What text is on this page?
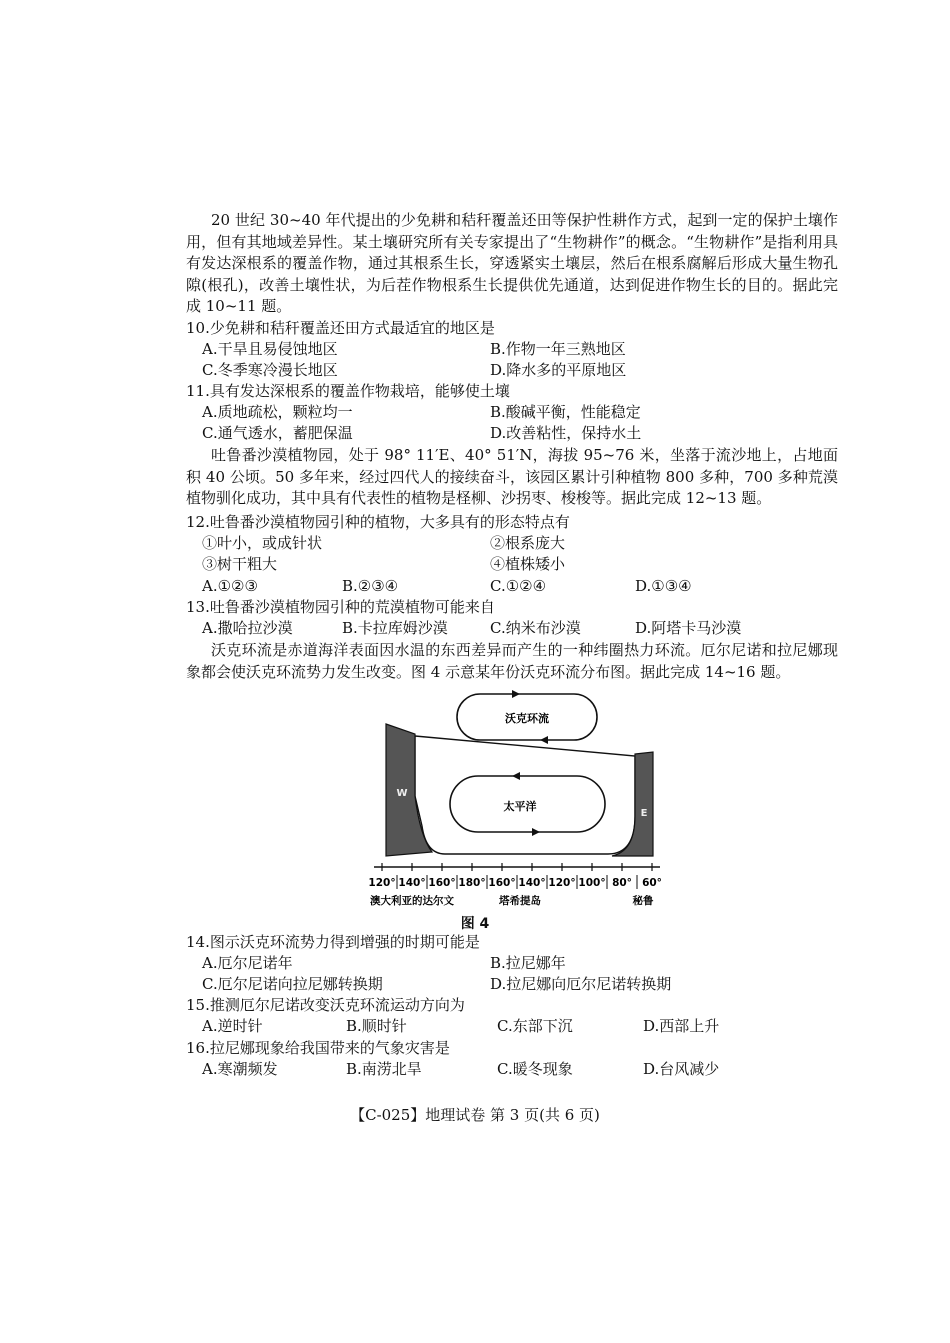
20 世纪 30~40 年代提出的少免耕和秸秆覆盖还田等保护性耕作方式，起到一定的保护土壤作用，但有其地域差异性。某土壤研究所有关专家提出了“生物耕作”的概念。“生物耕作”是指利用具有发达深根系的覆盖作物，通过其根系生长，穿透紧实土壤层，然后在根系腐解后形成大量生物孔隙(根孔)，改善土壤性状，为后茬作物根系生长提供优先通道，达到促进作物生长的目的。据此完成 10~11 题。

10.少免耕和秸秆覆盖还田方式最适宜的地区是
A.干旱且易侵蚀地区	B.作物一年三熟地区
C.冬季寒冷漫长地区	D.降水多的平原地区
11.具有发达深根系的覆盖作物栽培，能够使土壤
A.质地疏松，颗粒均一	B.酸碱平衡，性能稳定
C.通气透水，蓄肥保温	D.改善粘性，保持水土

吐鲁番沙漠植物园，处于 98° 11′E、40° 51′N，海拔 95~76 米，坐落于流沙地上，占地面积 40 公顷。50 多年来，经过四代人的接续奋斗，该园区累计引种植物 800 多种，700 多种荒漠植物驯化成功，其中具有代表性的植物是柽柳、沙拐枣、梭梭等。据此完成 12~13 题。

12.吐鲁番沙漠植物园引种的植物，大多具有的形态特点有
①叶小，或成针状	②根系庞大
③树干粗大	④植株矮小
A.①②③	B.②③④	C.①②④	D.①③④
13.吐鲁番沙漠植物园引种的荒漠植物可能来自
A.撒哈拉沙漠	B.卡拉库姆沙漠	C.纳米布沙漠	D.阿塔卡马沙漠

沃克环流是赤道海洋表面因水温的东西差异而产生的一种纬圈热力环流。厄尔尼诺和拉尼娜现象都会使沃克环流势力发生改变。图 4 示意某年份沃克环流分布图。据此完成 14~16 题。

沃克环流
W
E
太平洋
120° 140° 160° 180° 160° 140° 120° 100° 80° 60°
澳大利亚的达尔文	塔希提岛	秘鲁
图 4
14.图示沃克环流势力得到增强的时期可能是
A.厄尔尼诺年	B.拉尼娜年
C.厄尔尼诺向拉尼娜转换期	D.拉尼娜向厄尔尼诺转换期
15.推测厄尔尼诺改变沃克环流运动方向为
A.逆时针	B.顺时针	C.东部下沉	D.西部上升
16.拉尼娜现象给我国带来的气象灾害是
A.寒潮频发	B.南涝北旱	C.暖冬现象	D.台风减少
【C-025】地理试卷 第 3 页(共 6 页)
